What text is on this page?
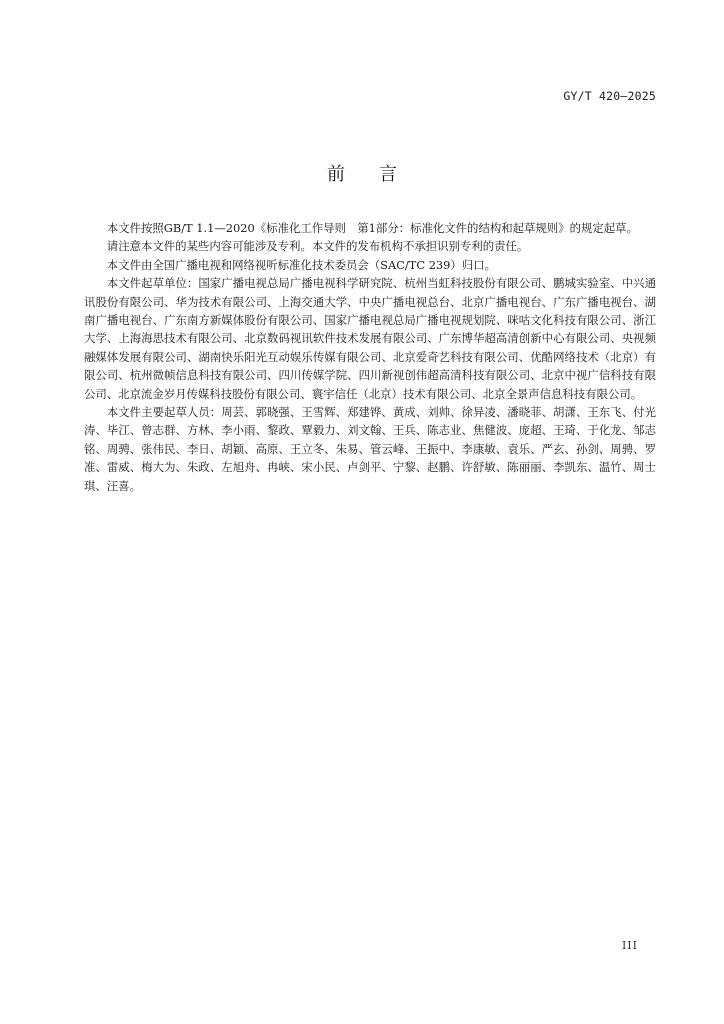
GY/T 420—2025
前言

本文件按照GB/T 1.1—2020《标准化工作导则　第1部分：标准化文件的结构和起草规则》的规定起草。

请注意本文件的某些内容可能涉及专利。本文件的发布机构不承担识别专利的责任。

本文件由全国广播电视和网络视听标准化技术委员会（SAC/TC 239）归口。

本文件起草单位：国家广播电视总局广播电视科学研究院、杭州当虹科技股份有限公司、鹏城实验室、中兴通讯股份有限公司、华为技术有限公司、上海交通大学、中央广播电视总台、北京广播电视台、广东广播电视台、湖南广播电视台、广东南方新媒体股份有限公司、国家广播电视总局广播电视规划院、咪咕文化科技有限公司、浙江大学、上海海思技术有限公司、北京数码视讯软件技术发展有限公司、广东博华超高清创新中心有限公司、央视频融媒体发展有限公司、湖南快乐阳光互动娱乐传媒有限公司、北京爱奇艺科技有限公司、优酷网络技术（北京）有限公司、杭州微帧信息科技有限公司、四川传媒学院、四川新视创伟超高清科技有限公司、北京中视广信科技有限公司、北京流金岁月传媒科技股份有限公司、寰宇信任（北京）技术有限公司、北京全景声信息科技有限公司。

本文件主要起草人员：周芸、郭晓强、王雪辉、郑建铧、黄成、刘帅、徐异凌、潘晓菲、胡潇、王东飞、付光涛、毕江、曾志群、方林、李小雨、黎政、覃毅力、刘文翰、王兵、陈志业、焦健波、庞超、王琦、于化龙、邹志铭、周骋、张伟民、李日、胡颖、高原、王立冬、朱易、管云峰、王振中、李康敏、袁乐、严玄、孙剑、周骋、罗准、雷威、梅大为、朱政、左旭舟、冉峡、宋小民、卢剑平、宁黎、赵鹏、许舒敏、陈丽丽、李凯东、温竹、周士琪、汪喜。

III
